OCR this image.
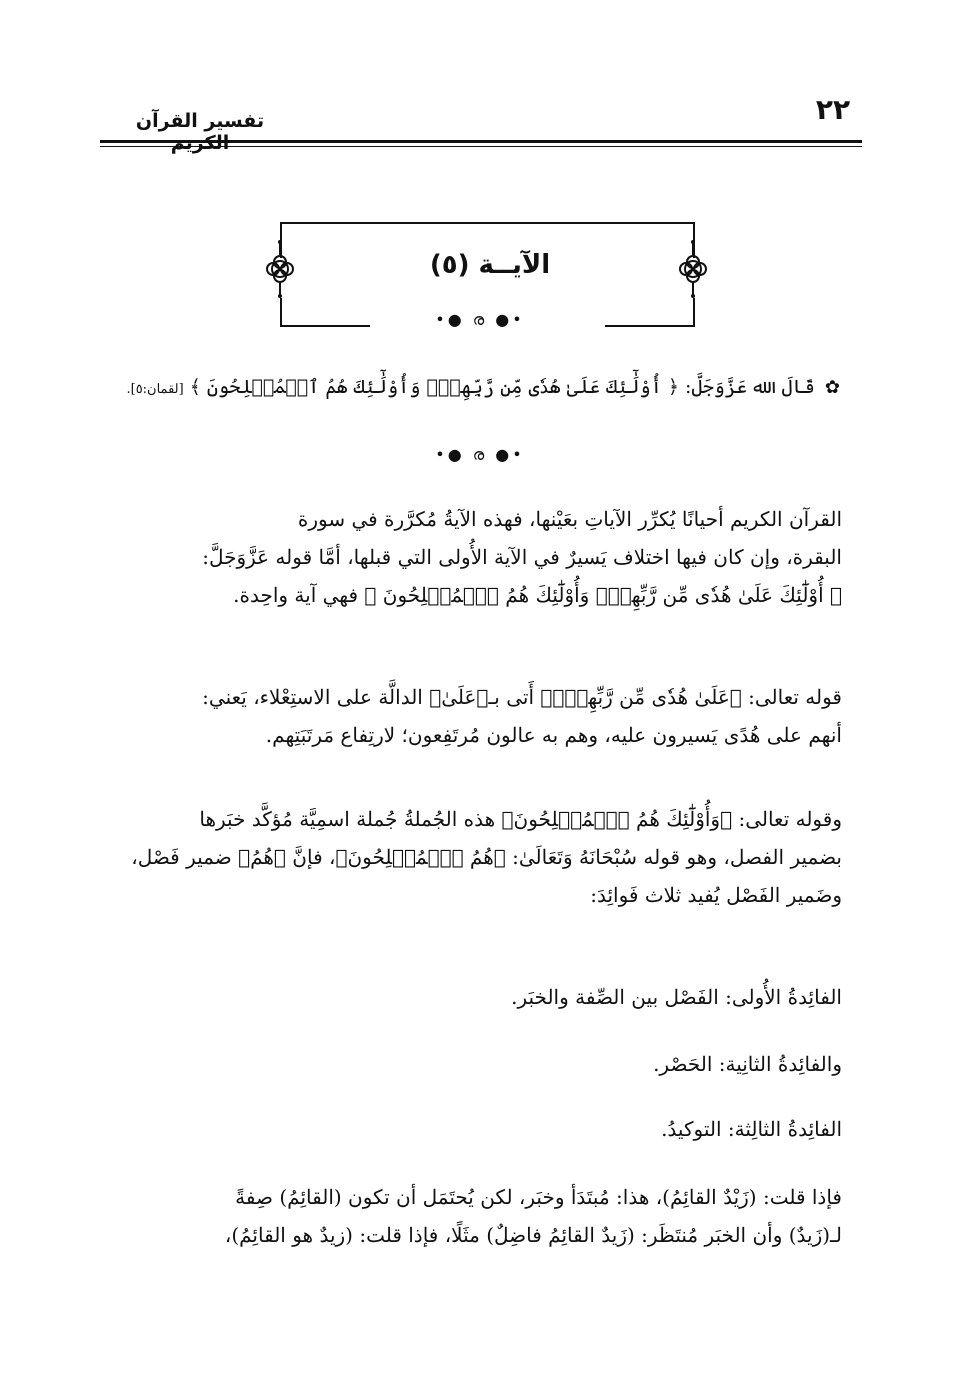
٢٢
تفسير القرآن الكريم
الآيــة (٥)
•● ര ●•
✿ قَالَ الله عَزَّوَجَلَّ: ﴿ أُوْلَٰٓئِكَ عَلَىٰ هُدٗى مِّن رَّبِّهِمۡۖ وَأُوْلَٰٓئِكَ هُمُ ٱلۡمُفۡلِحُونَ ﴾ [لقمان:٥].
•● ര ●•
القرآن الكريم أحيانًا يُكرِّر الآياتِ بعَيْنها، فهذه الآيةُ مُكرَّرة في سورة
البقرة، وإن كان فيها اختلاف يَسيرٌ في الآية الأُولى التي قبلها، أمَّا قوله عَزَّوَجَلَّ:
﴿ أُوْلَٰٓئِكَ عَلَىٰ هُدٗى مِّن رَّبِّهِمۡۖ وَأُوْلَٰٓئِكَ هُمُ ٱلۡمُفۡلِحُونَ ﴾ فهي آية واحِدة.
قوله تعالى: ﴿عَلَىٰ هُدٗى مِّن رَّبِّهِمۡۖ﴾ أَتى بـ﴿عَلَىٰ﴾ الدالَّة على الاستِعْلاء، يَعني:
أنهم على هُدًى يَسيرون عليه، وهم به عالون مُرتَفِعون؛ لارتِفاع مَرتَبَتِهم.
وقوله تعالى: ﴿وَأُوْلَٰٓئِكَ هُمُ ٱلۡمُفۡلِحُونَ﴾ هذه الجُملةُ جُملة اسمِيَّة مُؤكَّد خبَرها
بضمير الفصل، وهو قوله سُبْحَانَهُ وَتَعَالَىٰ: ﴿هُمُ ٱلۡمُفۡلِحُونَ﴾، فإنَّ ﴿هُمُ﴾ ضمير فَصْل،
وضَمير الفَصْل يُفيد ثلاث فَوائِدَ:
الفائِدةُ الأُولى: الفَصْل بين الصِّفة والخبَر.
والفائِدةُ الثانِية: الحَصْر.
الفائِدةُ الثالِثة: التوكيدُ.
فإذا قلت: (زَيْدٌ القائِمُ)، هذا: مُبتَدَأ وخبَر، لكن يُحتَمَل أن تكون (القائِمُ) صِفةً
لـ(زَيدٌ) وأن الخبَر مُنتَظَر: (زَيدٌ القائِمُ فاضِلٌ) مثَلًا، فإذا قلت: (زيدٌ هو القائِمُ)،
